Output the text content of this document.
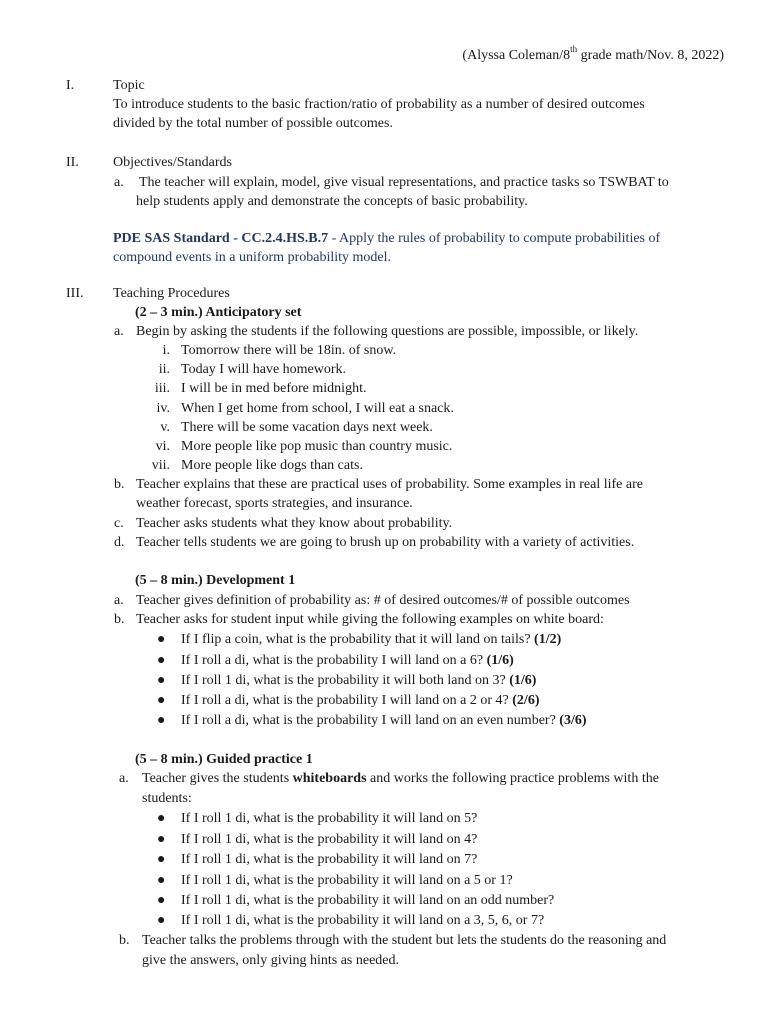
(Alyssa Coleman/8th grade math/Nov. 8, 2022)
I.	Topic
To introduce students to the basic fraction/ratio of probability as a number of desired outcomes
divided by the total number of possible outcomes.
II. Objectives/Standards
a. The teacher will explain, model, give visual representations, and practice tasks so TSWBAT to
help students apply and demonstrate the concepts of basic probability.
PDE SAS Standard - CC.2.4.HS.B.7 - Apply the rules of probability to compute probabilities of
compound events in a uniform probability model.
III. Teaching Procedures
(2 – 3 min.) Anticipatory set
a. Begin by asking the students if the following questions are possible, impossible, or likely.
i. Tomorrow there will be 18in. of snow.
ii. Today I will have homework.
iii. I will be in med before midnight.
iv. When I get home from school, I will eat a snack.
v. There will be some vacation days next week.
vi. More people like pop music than country music.
vii. More people like dogs than cats.
b. Teacher explains that these are practical uses of probability. Some examples in real life are
weather forecast, sports strategies, and insurance.
c. Teacher asks students what they know about probability.
d. Teacher tells students we are going to brush up on probability with a variety of activities.
(5 – 8 min.) Development 1
a. Teacher gives definition of probability as: # of desired outcomes/# of possible outcomes
b. Teacher asks for student input while giving the following examples on white board:
● If I flip a coin, what is the probability that it will land on tails? (1/2)
● If I roll a di, what is the probability I will land on a 6? (1/6)
● If I roll 1 di, what is the probability it will both land on 3? (1/6)
● If I roll a di, what is the probability I will land on a 2 or 4? (2/6)
● If I roll a di, what is the probability I will land on an even number? (3/6)
(5 – 8 min.) Guided practice 1
a. Teacher gives the students whiteboards and works the following practice problems with the
students:
● If I roll 1 di, what is the probability it will land on 5?
● If I roll 1 di, what is the probability it will land on 4?
● If I roll 1 di, what is the probability it will land on 7?
● If I roll 1 di, what is the probability it will land on a 5 or 1?
● If I roll 1 di, what is the probability it will land on an odd number?
● If I roll 1 di, what is the probability it will land on a 3, 5, 6, or 7?
b. Teacher talks the problems through with the student but lets the students do the reasoning and
give the answers, only giving hints as needed.
